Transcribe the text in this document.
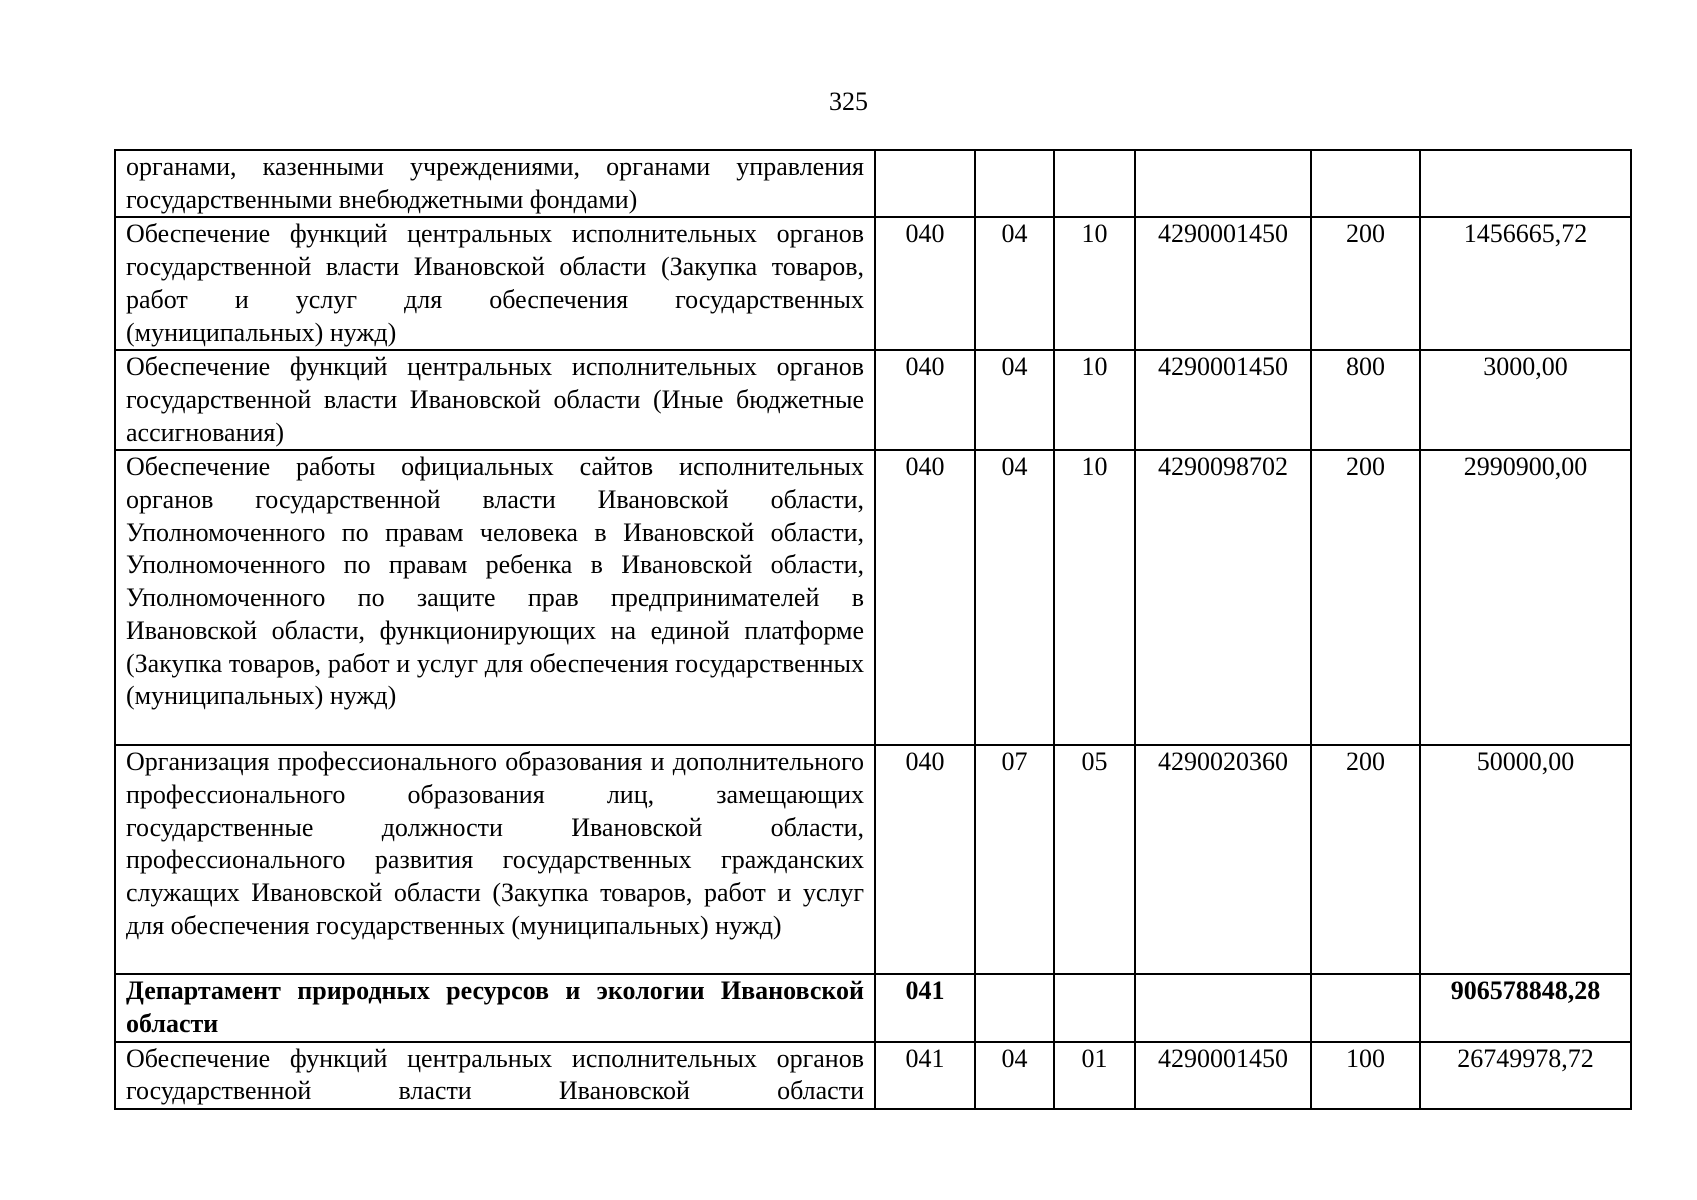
325
органами, казенными учреждениями, органами управления государственными внебюджетными фондами)						
Обеспечение функций центральных исполнительных органов государственной власти Ивановской области (Закупка товаров, работ и услуг для обеспечения государственных (муниципальных) нужд)	040	04	10	4290001450	200	1456665,72
Обеспечение функций центральных исполнительных органов государственной власти Ивановской области (Иные бюджетные ассигнования)	040	04	10	4290001450	800	3000,00
Обеспечение работы официальных сайтов исполнительных органов государственной власти Ивановской области, Уполномоченного по правам человека в Ивановской области, Уполномоченного по правам ребенка в Ивановской области, Уполномоченного по защите прав предпринимателей в Ивановской области, функционирующих на единой платформе (Закупка товаров, работ и услуг для обеспечения государственных (муниципальных) нужд)	040	04	10	4290098702	200	2990900,00
Организация профессионального образования и дополнительного профессионального образования лиц, замещающих государственные должности Ивановской области, профессионального развития государственных гражданских служащих Ивановской области (Закупка товаров, работ и услуг для обеспечения государственных (муниципальных) нужд)	040	07	05	4290020360	200	50000,00
Департамент природных ресурсов и экологии Ивановской области	041					906578848,28
Обеспечение функций центральных исполнительных органов государственной власти Ивановской области	041	04	01	4290001450	100	26749978,72
